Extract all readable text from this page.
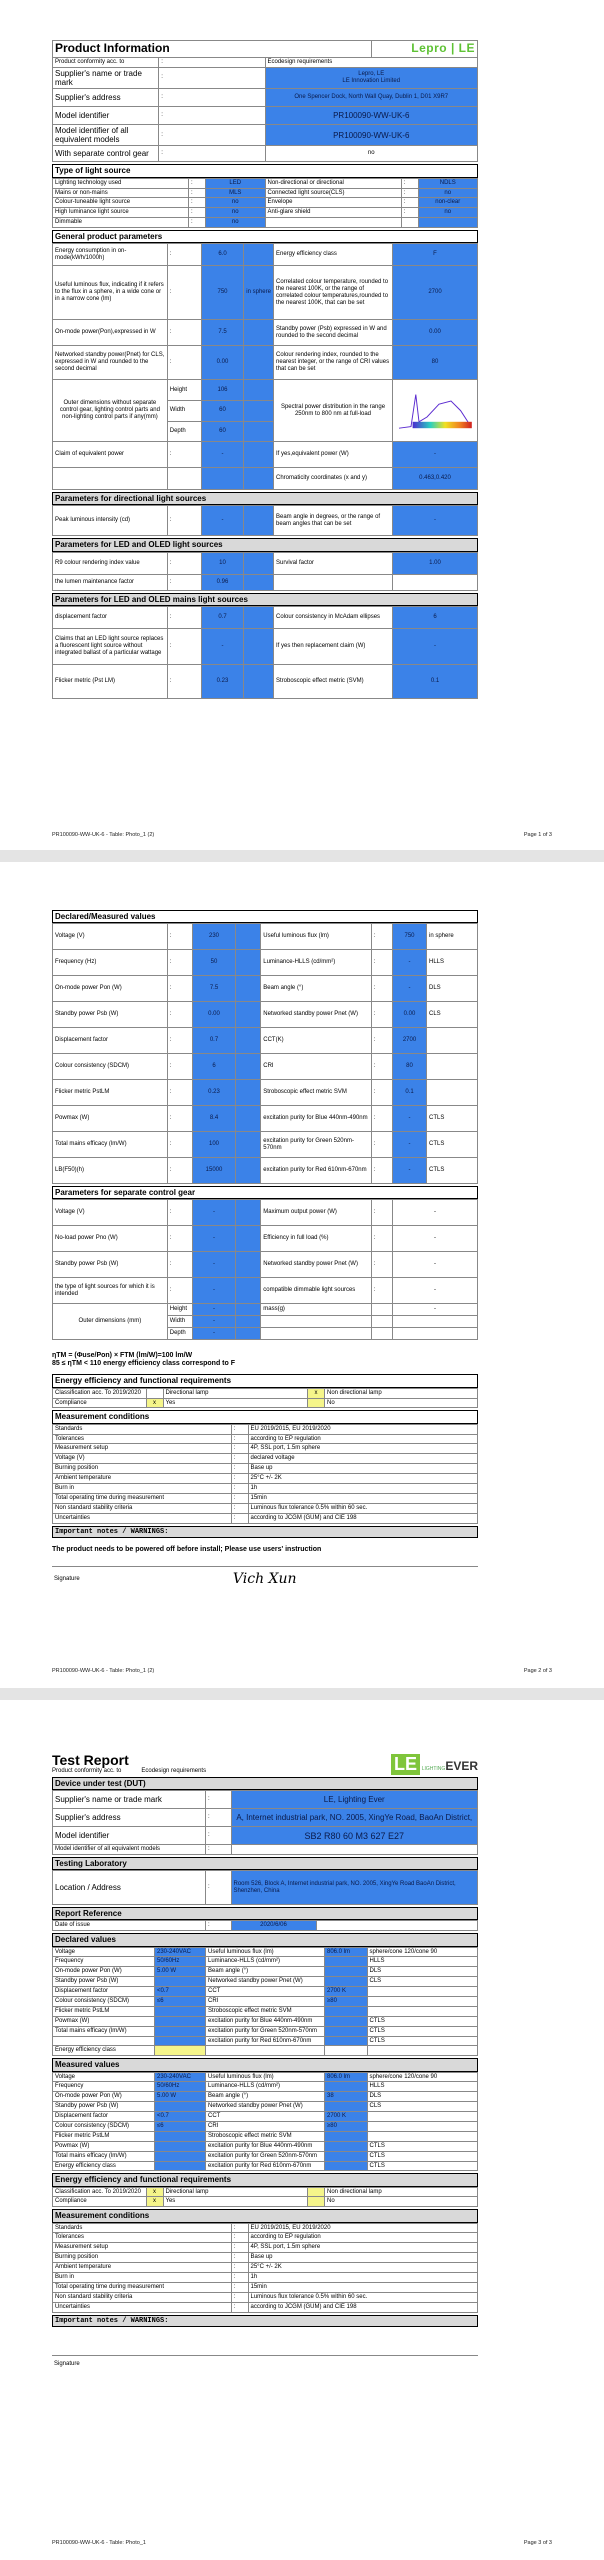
Product Information			Lepro | LE
Product conformity acc. to	:	Ecodesign requirements	
Supplier's name or trade mark	:	Lepro, LE
LE Innovation Limited	

Supplier's address	:	One Spencer Dock, North Wall Quay, Dublin 1, D01 X9R7	
Model identifier	:	PR100090-WW-UK-6	
Model identifier of all equivalent models	:	PR100090-WW-UK-6	
With separate control gear	:	no	
Type of light source
Lighting technology used	:	LED	Non-directional or directional	:	NDLS
Mains or non-mains	:	MLS	Connected light source(CLS)	:	no
Colour-tuneable light source	:	no	Envelope	:	non-clear
High luminance light source	:	no	Anti-glare shield	:	no
Dimmable	:	no			
General product parameters
Energy consumption in on-mode(kWh/1000h)	:	6.0		Energy efficiency class	F
Useful luminous flux, indicating if it refers to the flux in a sphere, in a wide cone or in a narrow cone (lm)	:	750	in sphere	Correlated colour temperature, rounded to the nearest 100K, or the range of correlated colour temperatures,rounded to the nearest 100K, that can be set	2700
On-mode power(Pon),expressed in W	:	7.5		Standby power (Psb) expressed in W and rounded to the second decimal	0.00
Networked standby power(Pnet) for CLS, expressed in W and rounded to the second decimal	:	0.00		Colour rendering index, rounded to the nearest integer, or the range of CRI values that can be set	80
Outer dimensions without separate control gear, lighting control parts and non-lighting control parts if any(mm)	Height	106		Spectral power distribution in the range 250nm to 800 nm at full-load	
	Width	60			
	Depth	60			
Claim of equivalent power	:	-		If yes,equivalent power (W)	-
				Chromaticity coordinates (x and y)	0.463,0.420
Parameters for directional light sources
Peak luminous intensity (cd)	:	-		Beam angle in degrees, or the range of beam angles that can be set	-
Parameters for LED and OLED light sources
R9 colour rendering index value	:	10		Survival factor	1.00
the lumen maintenance factor	:	0.96			
Parameters for LED and OLED mains light sources
displacement factor	:	0.7		Colour consistency in McAdam ellipses	6
Claims that an LED light source replaces a fluorescent light source without integrated ballast of a particular wattage	:	-		If yes then replacement claim (W)	-
Flicker metric (Pst LM)	:	0.23		Stroboscopic effect metric (SVM)	0.1
PR100090-WW-UK-6 - Table: Photo_1 (2)	Page 1 of 3
Declared/Measured values
Voltage (V)	:	230		Useful luminous flux (lm)	:	750	in sphere
Frequency (Hz)	:	50		Luminance-HLLS (cd/mm²)	:	-	HLLS
On-mode power Pon (W)	:	7.5		Beam angle (°)	:	-	DLS
Standby power Psb (W)	:	0.00		Networked standby power Pnet (W)	:	0.00	CLS
Displacement factor	:	0.7		CCT(K)	:	2700	
Colour consistency (SDCM)	:	6		CRI	:	80	
Flicker metric PstLM	:	0.23		Stroboscopic effect metric SVM	:	0.1	
Powmax (W)	:	8.4		excitation purity for Blue 440nm-490nm	:	-	CTLS
Total mains efficacy (lm/W)	:	100		excitation purity for Green 520nm-570nm	:	-	CTLS
LB(F50)(h)	:	15000		excitation purity for Red 610nm-670nm	:	-	CTLS
Parameters for separate control gear
Voltage (V)	:	-		Maximum output power (W)	:	-
No-load power Pno (W)	:	-		Efficiency in full load (%)	:	-
Standby power Psb (W)	:	-		Networked standby power Pnet (W)	:	-
the type of light sources for which it is intended	:	-		compatible dimmable light sources	:	-
Outer dimensions (mm)	Height	-		mass(g)		-
	Width	-				
	Depth	-				
ηTM = (Φuse/Pon) × FTM (lm/W)=100 lm/W
85 ≤ ηTM < 110 energy efficiency class correspond to F
Energy efficiency and functional requirements
Classification acc. To 2019/2020		Directional lamp	x	Non directional lamp
Compliance	x	Yes		No
Measurement conditions
Standards	:	EU 2019/2015, EU 2019/2020
Tolerances	:	according to EP regulation
Measurement setup	:	4P, SSL port, 1.5m sphere
Voltage (V)	:	declared voltage
Burning position	:	Base up
Ambient temperature	:	25°C +/- 2K
Burn in	:	1h
Total operating time during measurement	:	15min
Non standard stability criteria	:	Luminous flux tolerance 0.5% within 60 sec.
Uncertainties	:	according to JCGM (GUM) and CIE 198
Important notes / WARNINGS:
The product needs to be powered off before install; Please use users' instruction
Signature	Vich Xun
PR100090-WW-UK-6 - Table: Photo_1 (2)	Page 2 of 3
Test Report
Product conformity acc. to	Ecodesign requirements	LE LIGHTINGEVER
Device under test (DUT)
Supplier's name or trade mark	:	LE, Lighting Ever
Supplier's address	:	A, Internet industrial park, NO. 2005, XingYe Road, BaoAn District,
Model identifier	:	SB2 R80 60 M3 627 E27
Model identifier of all equivalent models	:	
Testing Laboratory
Location / Address	:	Room 526, Block A, Internet industrial park, NO. 2005, XingYe Road BaoAn District, Shenzhen, China
Report Reference
Date of issue	:	2020/6/06	
Declared values
Voltage	230-240VAC	Useful luminous flux (lm)	806.0 lm	sphere/cone 120/cone 90
Frequency	50/60Hz	Luminance-HLLS (cd/mm²)		HLLS
On-mode power Pon (W)	5.00 W	Beam angle (°)		DLS
Standby power Psb (W)		Networked standby power Pnet (W)		CLS
Displacement factor	<0.7	CCT	2700 K	
Colour consistency (SDCM)	≤6	CRI	≥80	
Flicker metric PstLM		Stroboscopic effect metric SVM		
Powmax (W)		excitation purity for Blue 440nm-490nm		CTLS
Total mains efficacy (lm/W)		excitation purity for Green 520nm-570nm		CTLS
		excitation purity for Red 610nm-670nm		CTLS
Energy efficiency class				
Measured values
Voltage	230-240VAC	Useful luminous flux (lm)	806.0 lm	sphere/cone 120/cone 90
Frequency	50/60Hz	Luminance-HLLS (cd/mm²)		HLLS
On-mode power Pon (W)	5.00 W	Beam angle (°)	38	DLS
Standby power Psb (W)		Networked standby power Pnet (W)		CLS
Displacement factor	<0.7	CCT	2700 K	
Colour consistency (SDCM)	≤6	CRI	≥80	
Flicker metric PstLM		Stroboscopic effect metric SVM		
Powmax (W)		excitation purity for Blue 440nm-490nm		CTLS
Total mains efficacy (lm/W)		excitation purity for Green 520nm-570nm		CTLS
Energy efficiency class		excitation purity for Red 610nm-670nm		CTLS
Energy efficiency and functional requirements
Classification acc. To 2019/2020	x	Directional lamp		Non directional lamp
Compliance	x	Yes		No
Measurement conditions
Standards	:	EU 2019/2015, EU 2019/2020
Tolerances	:	according to EP regulation
Measurement setup	:	4P, SSL port, 1.5m sphere
Burning position	:	Base up
Ambient temperature	:	25°C +/- 2K
Burn in	:	1h
Total operating time during measurement	:	15min
Non standard stability criteria	:	Luminous flux tolerance 0.5% within 60 sec.
Uncertainties	:	according to JCGM (GUM) and CIE 198
Important notes / WARNINGS:
Signature
PR100090-WW-UK-6 - Table: Photo_1	Page 3 of 3
